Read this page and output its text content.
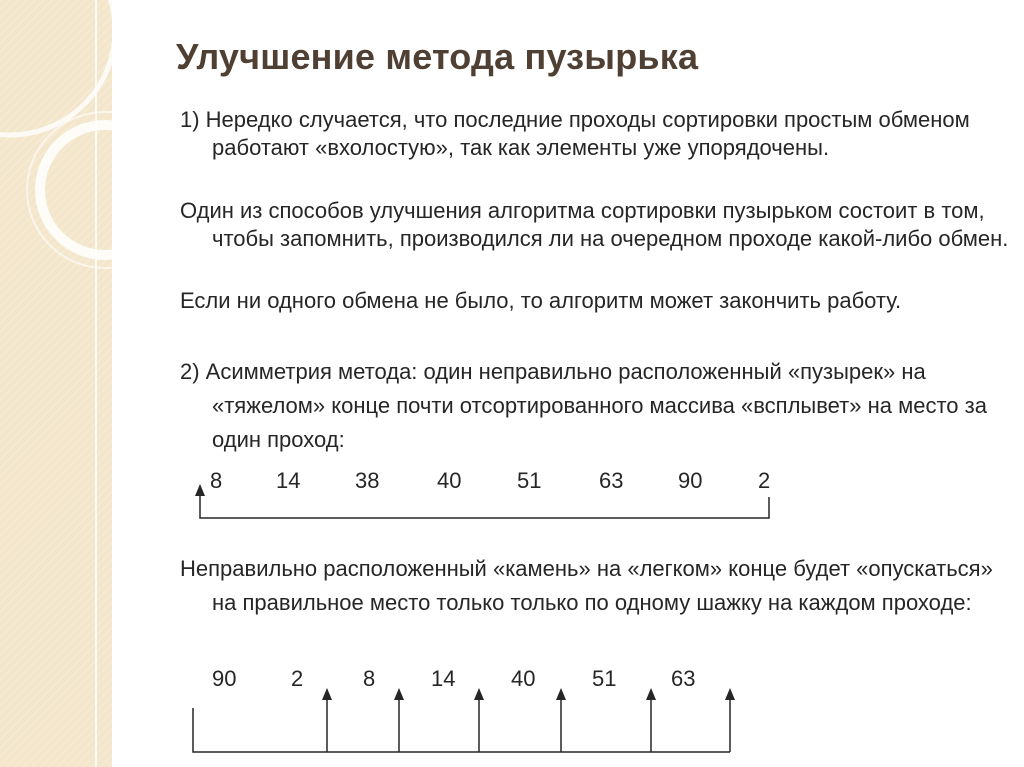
Улучшение метода пузырька
1) Нередко случается, что последние проходы сортировки простым обменом работают «вхолостую», так как элементы уже упорядочены.
Один из способов улучшения алгоритма сортировки пузырьком состоит в том, чтобы запомнить, производился ли на очередном проходе какой-либо обмен.
Если ни одного обмена не было, то алгоритм может закончить работу.
2) Асимметрия метода: один неправильно расположенный «пузырек» на «тяжелом» конце почти отсортированного массива «всплывет» на место за один проход:
8 14 38	40	51	63 90	2
Неправильно расположенный «камень» на «легком» конце будет «опускаться» на правильное место только только по одному шажку на каждом проходе:
90 2	8	14	40	51 63
